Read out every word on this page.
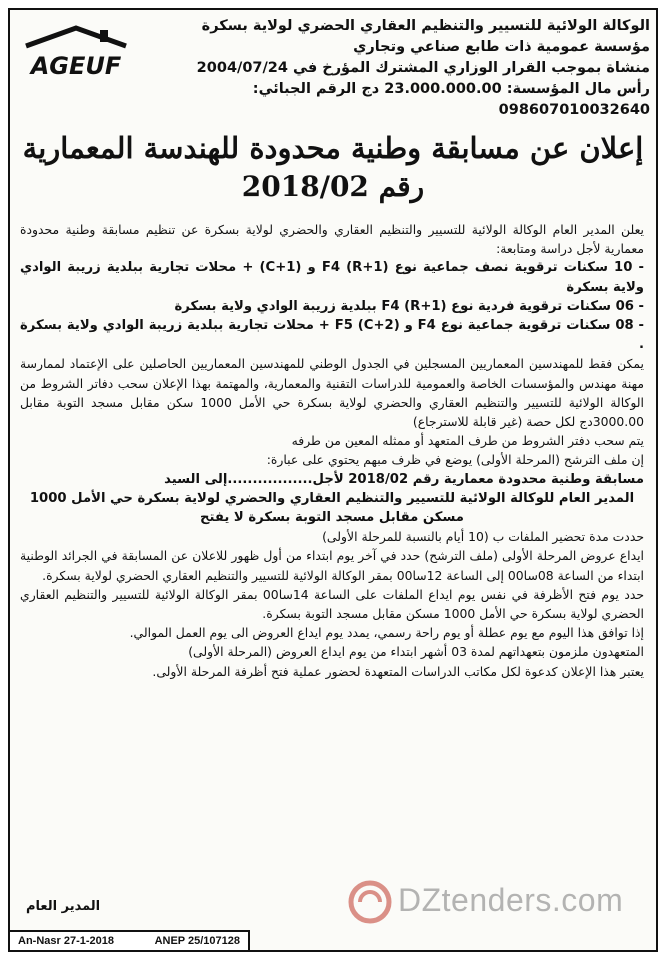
الوكالة الولائية للتسيير والتنظيم العقاري الحضري لولاية بسكرة
مؤسسة عمومية ذات طابع صناعي وتجاري
منشاة بموجب القرار الوزاري المشترك المؤرخ في 2004/07/24
رأس مال المؤسسة: 23.000.000.00 دج الرقم الجبائي: 098607010032640
AGEUF
إعلان عن مسابقة وطنية محدودة للهندسة المعمارية
رقم 2018/02

يعلن المدير العام الوكالة الولائية للتسيير والتنظيم العقاري والحضري لولاية بسكرة عن تنظيم مسابقة وطنية محدودة معمارية لأجل دراسة ومتابعة:

- 10 سكنات ترقوية نصف جماعية نوع F4 (R+1) و (C+1) + محلات تجارية ببلدية زريبة الوادي ولاية بسكرة

- 06 سكنات ترقوية فردية نوع F4 (R+1) ببلدية زريبة الوادي ولاية بسكرة

- 08 سكنات ترقوية جماعية نوع F4 و F5 (C+2) + محلات تجارية ببلدية زريبة الوادي ولاية بسكرة .

يمكن فقط للمهندسين المعماريين المسجلين في الجدول الوطني للمهندسين المعماريين الحاصلين على الإعتماد لممارسة مهنة مهندس والمؤسسات الخاصة والعمومية للدراسات التقنية والمعمارية، والمهتمة بهذا الإعلان سحب دفاتر الشروط من الوكالة الولائية للتسيير والتنظيم العقاري والحضري لولاية بسكرة حي الأمل 1000 سكن مقابل مسجد التوبة مقابل 3000.00دج لكل حصة (غير قابلة للاسترجاع)

يتم سحب دفتر الشروط من طرف المتعهد أو ممثله المعين من طرفه

إن ملف الترشح (المرحلة الأولى) يوضع في ظرف مبهم يحتوي على عبارة:

مسابقة وطنية محدودة معمارية رقم 2018/02 لأجل.................إلى السيد

المدير العام للوكالة الولائية للتسيير والتنظيم العقاري والحضري لولاية بسكرة حي الأمل 1000 مسكن مقابل مسجد التوبة بسكرة لا يفتح

حددت مدة تحضير الملفات ب (10 أيام بالنسبة للمرحلة الأولى)

ايداع عروض المرحلة الأولى (ملف الترشح) حدد في آخر يوم ابتداء من أول ظهور للاعلان عن المسابقة في الجرائد الوطنية ابتداء من الساعة 08سا00 إلى الساعة 12سا00 بمقر الوكالة الولائية للتسيير والتنظيم العقاري الحضري لولاية بسكرة.

حدد يوم فتح الأظرفة في نفس يوم ايداع الملفات على الساعة 14سا00 بمقر الوكالة الولائية للتسيير والتنظيم العقاري الحضري لولاية بسكرة حي الأمل 1000 مسكن مقابل مسجد التوبة بسكرة.

إذا توافق هذا اليوم مع يوم عطلة أو يوم راحة رسمي، يمدد يوم ايداع العروض الى يوم العمل الموالي.

المتعهدون ملزمون بتعهداتهم لمدة 03 أشهر ابتداء من يوم ايداع العروض (المرحلة الأولى)

يعتبر هذا الإعلان كدعوة لكل مكاتب الدراسات المتعهدة لحضور عملية فتح أظرفة المرحلة الأولى.

المدير العام	DZtenders.com
An-Nasr 27-1-2018	ANEP 25/107128
